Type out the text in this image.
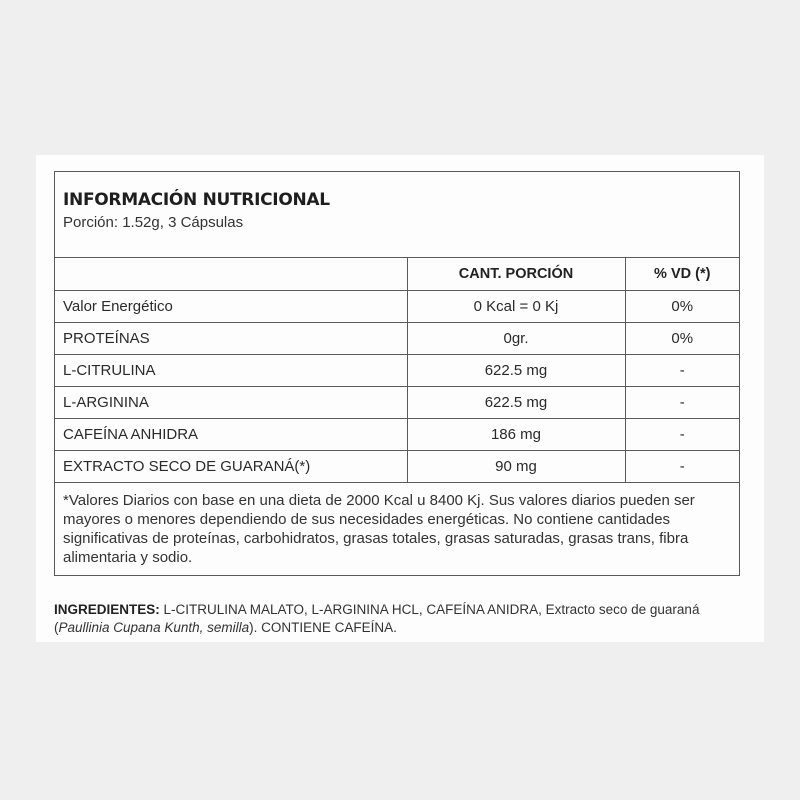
INFORMACIÓN NUTRICIONAL
Porción: 1.52g, 3 Cápsulas
	CANT. PORCIÓN	% VD (*)
Valor Energético	0 Kcal = 0 Kj	0%
PROTEÍNAS	0gr.	0%
L-CITRULINA	622.5 mg	-
L-ARGININA	622.5 mg	-
CAFEÍNA ANHIDRA	186 mg	-
EXTRACTO SECO DE GUARANÁ(*)	90 mg	-
*Valores Diarios con base en una dieta de 2000 Kcal u 8400 Kj. Sus valores diarios pueden ser mayores o menores dependiendo de sus necesidades energéticas. No contiene cantidades significativas de proteínas, carbohidratos, grasas totales, grasas saturadas, grasas trans, fibra alimentaria y sodio.
INGREDIENTES: L-CITRULINA MALATO, L-ARGININA HCL, CAFEÍNA ANIDRA, Extracto seco de guaraná (Paullinia Cupana Kunth, semilla). CONTIENE CAFEÍNA.
